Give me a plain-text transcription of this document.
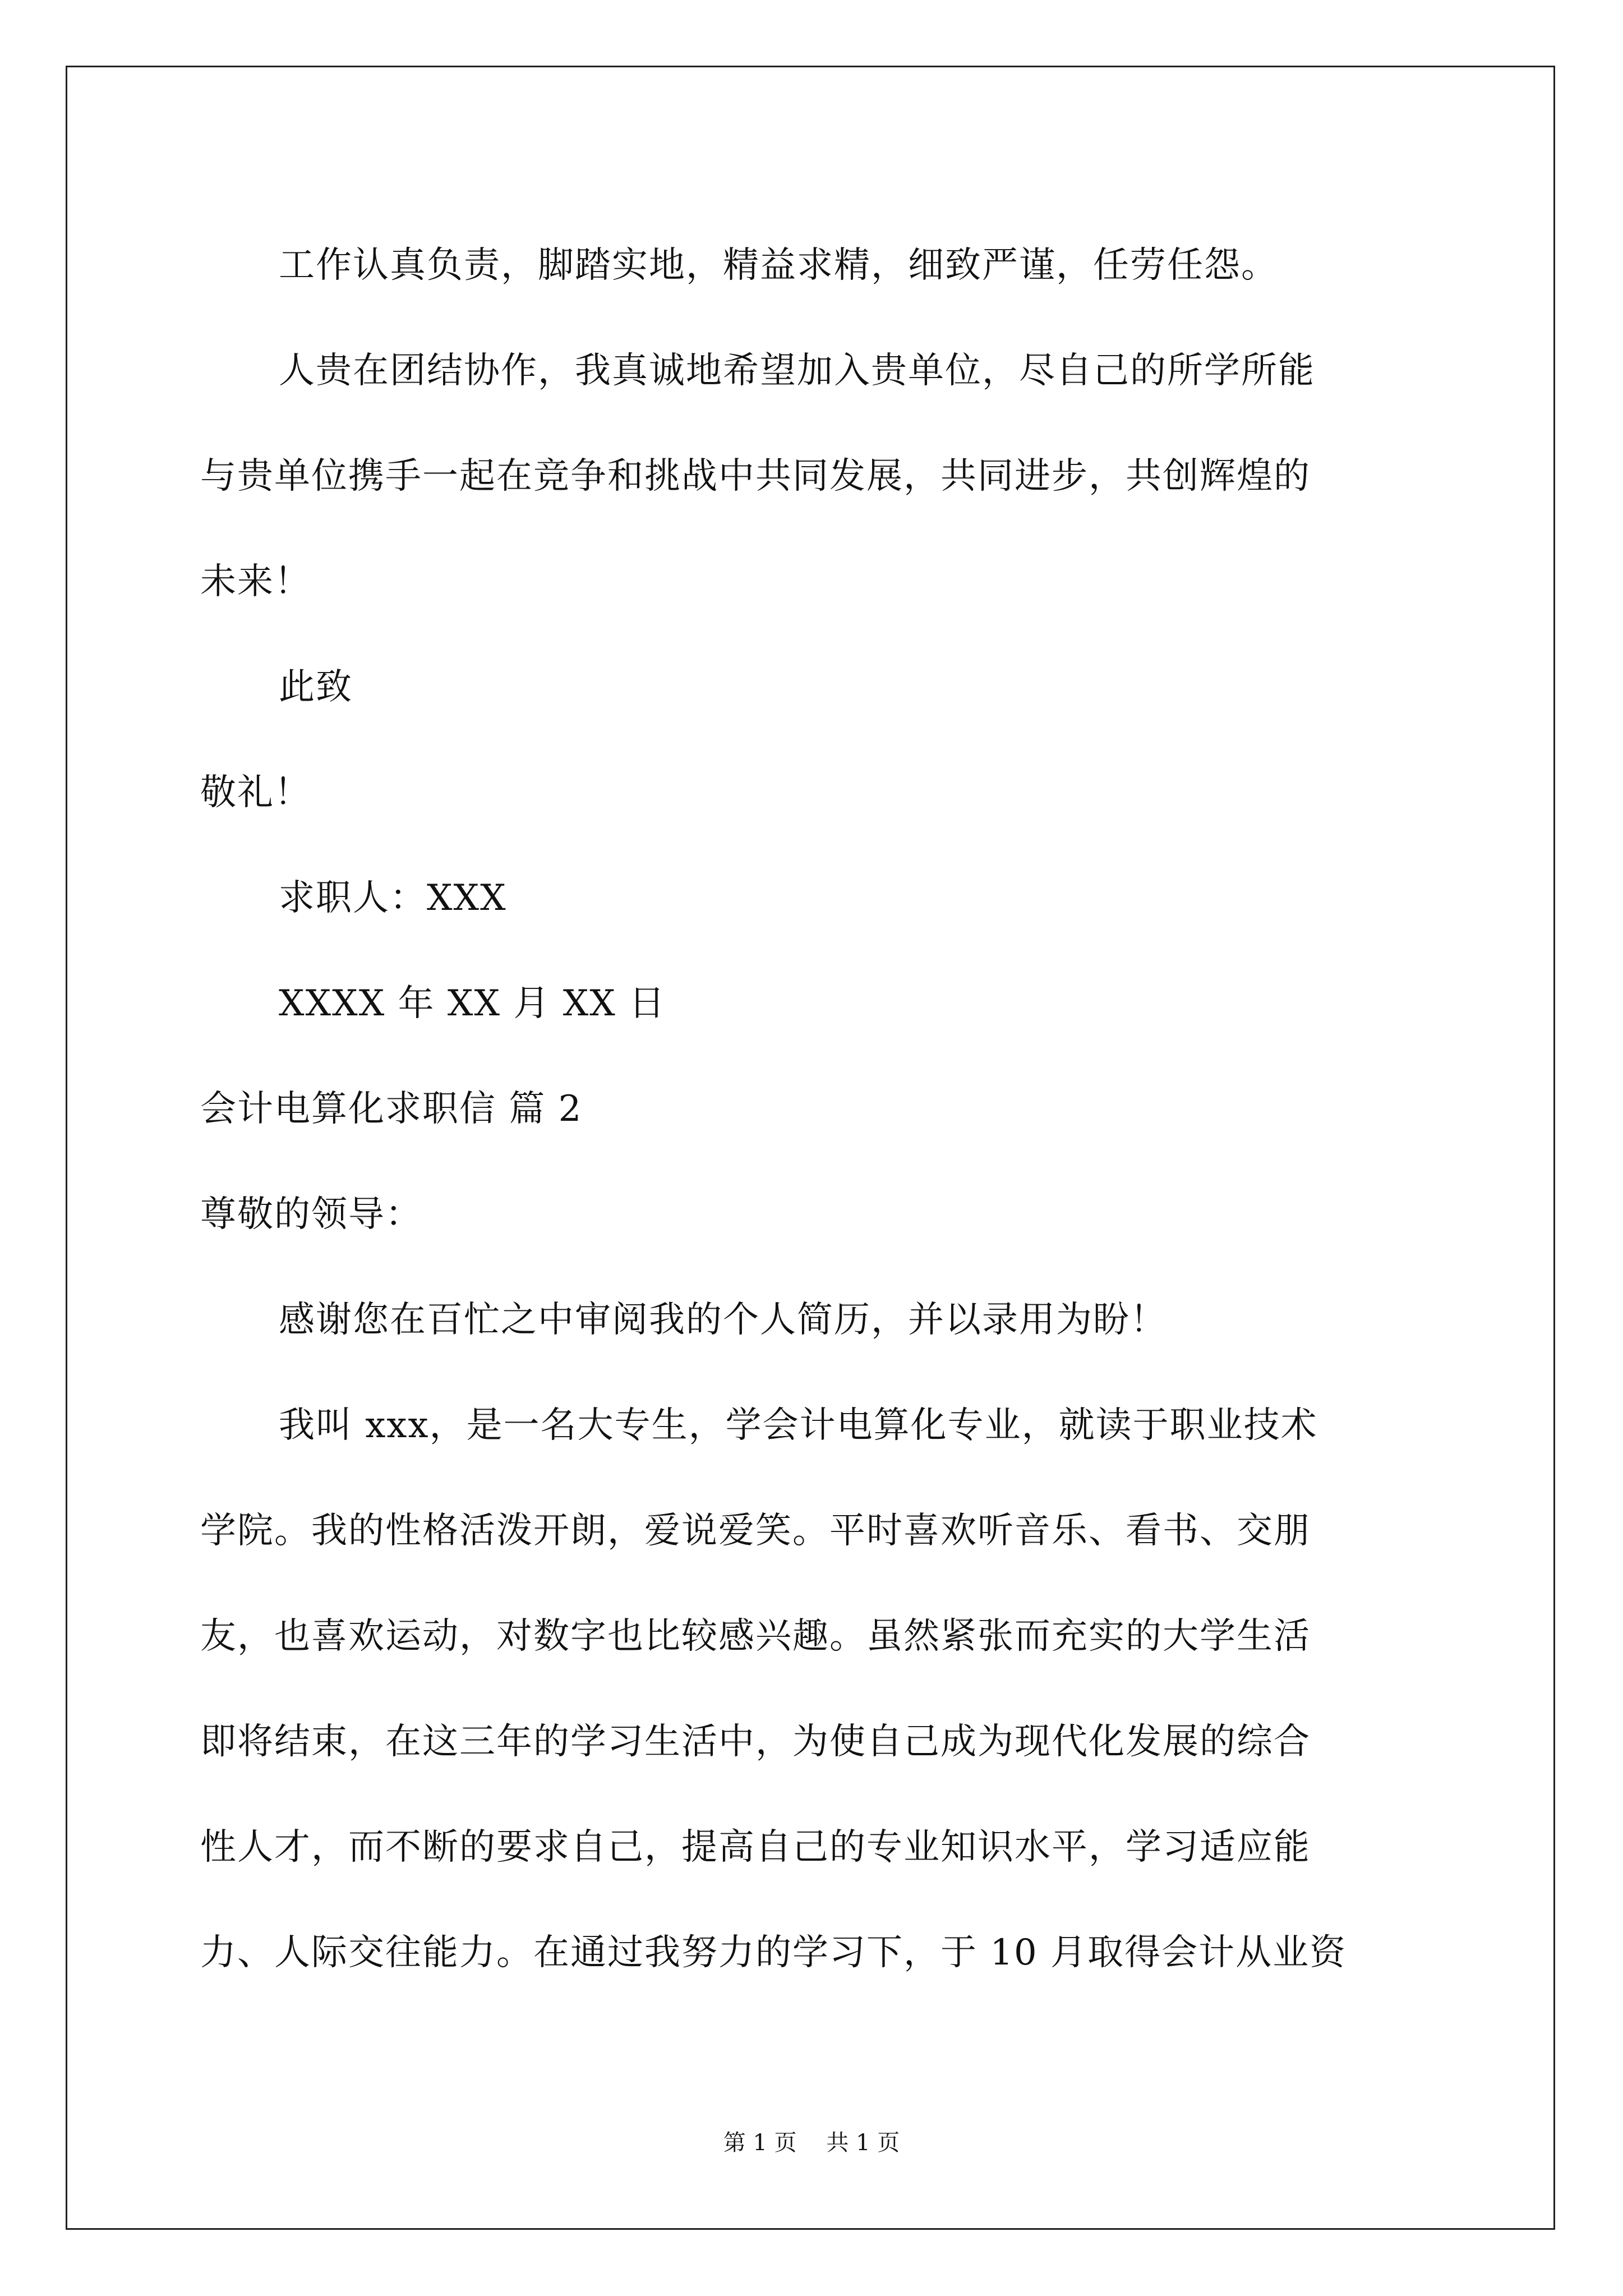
工作认真负责，脚踏实地，精益求精，细致严谨，任劳任怨。
人贵在团结协作，我真诚地希望加入贵单位，尽自己的所学所能
与贵单位携手一起在竞争和挑战中共同发展，共同进步，共创辉煌的
未来！
此致
敬礼！
求职人：XXX
XXXX 年 XX 月 XX 日
会计电算化求职信 篇 2
尊敬的领导：
感谢您在百忙之中审阅我的个人简历，并以录用为盼！
我叫 xxx，是一名大专生，学会计电算化专业，就读于职业技术
学院。我的性格活泼开朗，爱说爱笑。平时喜欢听音乐、看书、交朋
友，也喜欢运动，对数字也比较感兴趣。虽然紧张而充实的大学生活
即将结束，在这三年的学习生活中，为使自己成为现代化发展的综合
性人才，而不断的要求自己，提高自己的专业知识水平，学习适应能
力、人际交往能力。在通过我努力的学习下，于 10 月取得会计从业资
第 1 页 共 1 页
